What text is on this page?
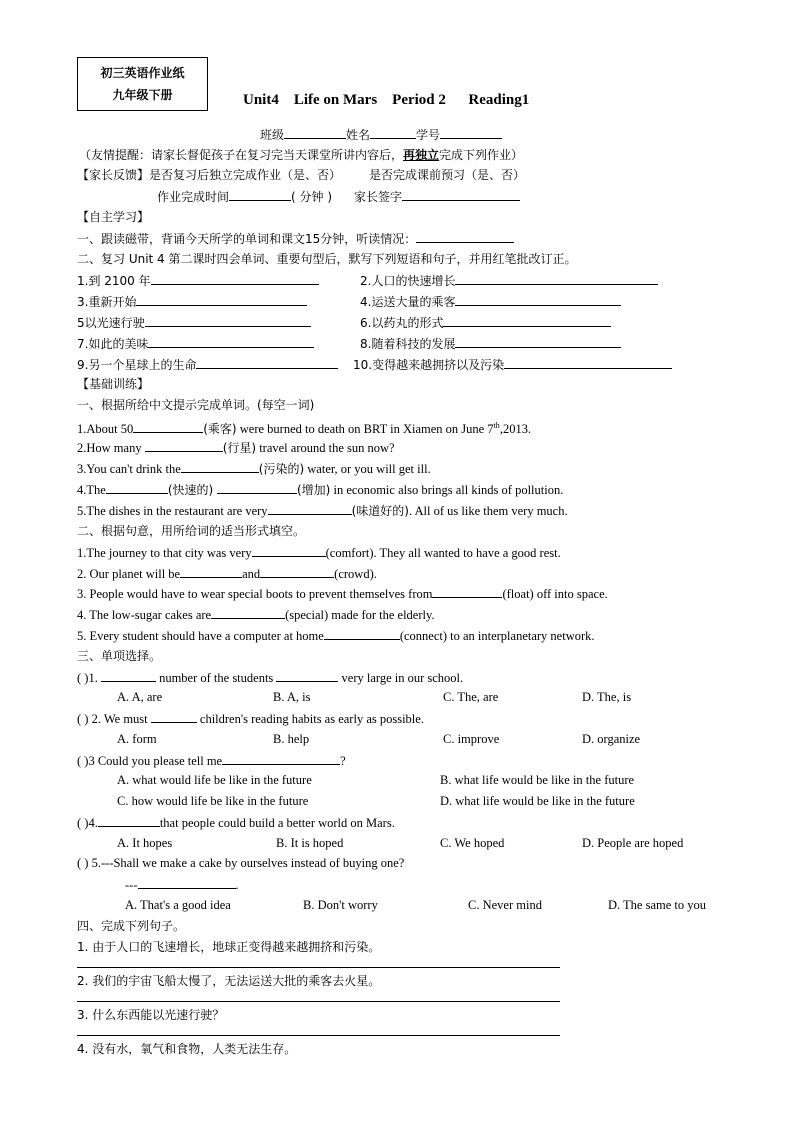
初三英语作业纸
九年级下册	Unit4    Life on Mars    Period 2      Reading1
班级	姓名	学号
（友情提醒：请家长督促孩子在复习完当天课堂所讲内容后，再独立完成下列作业）
【家长反馈】是否复习后独立完成作业（是、否） 是否完成课前预习（是、否）
作业完成时间	( 分钟 ) 家长签字
【自主学习】
一、跟读磁带，背诵今天所学的单词和课文15分钟，听读情况：
二、复习 Unit 4 第二课时四会单词、重要句型后，默写下列短语和句子，并用红笔批改订正。
1.到 2100 年	2.人口的快速增长
3.重新开始	4.运送大量的乘客
5以光速行驶	6.以药丸的形式
7.如此的美味	8.随着科技的发展
9.另一个星球上的生命	10.变得越来越拥挤以及污染
【基础训练】
一、根据所给中文提示完成单词。(每空一词)
1.About 50	(乘客) were burned to death on BRT in Xiamen on June 7th,2013.
2.How many	(行星) travel around the sun now?
3.You can't drink the	(污染的) water, or you will get ill.
4.The	(快速的)	(增加) in economic also brings all kinds of pollution.
5.The dishes in the restaurant are very	(味道好的). All of us like them very much.
二、根据句意，用所给词的适当形式填空。
1.The journey to that city was very	(comfort). They all wanted to have a good rest.
2. Our planet will be	and	(crowd).
3. People would have to wear special boots to prevent themselves from	(float) off into space.
4. The low-sugar cakes are	(special) made for the elderly.
5. Every student should have a computer at home	(connect) to an interplanetary network.
三、单项选择。
( )1.	number of the students	very large in our school.
A. A, are	B. A, is	C. The, are	D. The, is
( ) 2. We must	children's reading habits as early as possible.
A. form	B. help	C. improve	D. organize
( )3 Could you please tell me	?
A. what would life be like in the future	B. what life would be like in the future
C. how would life be like in the future	D. what life would be like in the future
( )4.	that people could build a better world on Mars.
A. It hopes	B. It is hoped	C. We hoped	D. People are hoped
( ) 5.---Shall we make a cake by ourselves instead of buying one?
---	.
A. That's a good idea	B. Don't worry	C. Never mind	D. The same to you
四、完成下列句子。
1. 由于人口的飞速增长，地球正变得越来越拥挤和污染。
2. 我们的宇宙飞船太慢了，无法运送大批的乘客去火星。
3. 什么东西能以光速行驶？
4. 没有水，氧气和食物，人类无法生存。
